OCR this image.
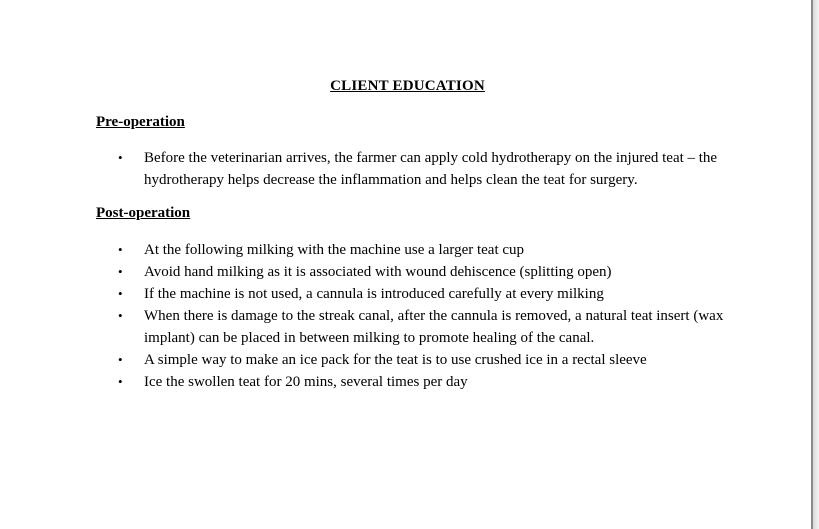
CLIENT EDUCATION
Pre-operation
• Before the veterinarian arrives, the farmer can apply cold hydrotherapy on the injured teat – the hydrotherapy helps decrease the inflammation and helps clean the teat for surgery.
Post-operation
• At the following milking with the machine use a larger teat cup
• Avoid hand milking as it is associated with wound dehiscence (splitting open)
• If the machine is not used, a cannula is introduced carefully at every milking
• When there is damage to the streak canal, after the cannula is removed, a natural teat insert (wax implant) can be placed in between milking to promote healing of the canal.
• A simple way to make an ice pack for the teat is to use crushed ice in a rectal sleeve
• Ice the swollen teat for 20 mins, several times per day
